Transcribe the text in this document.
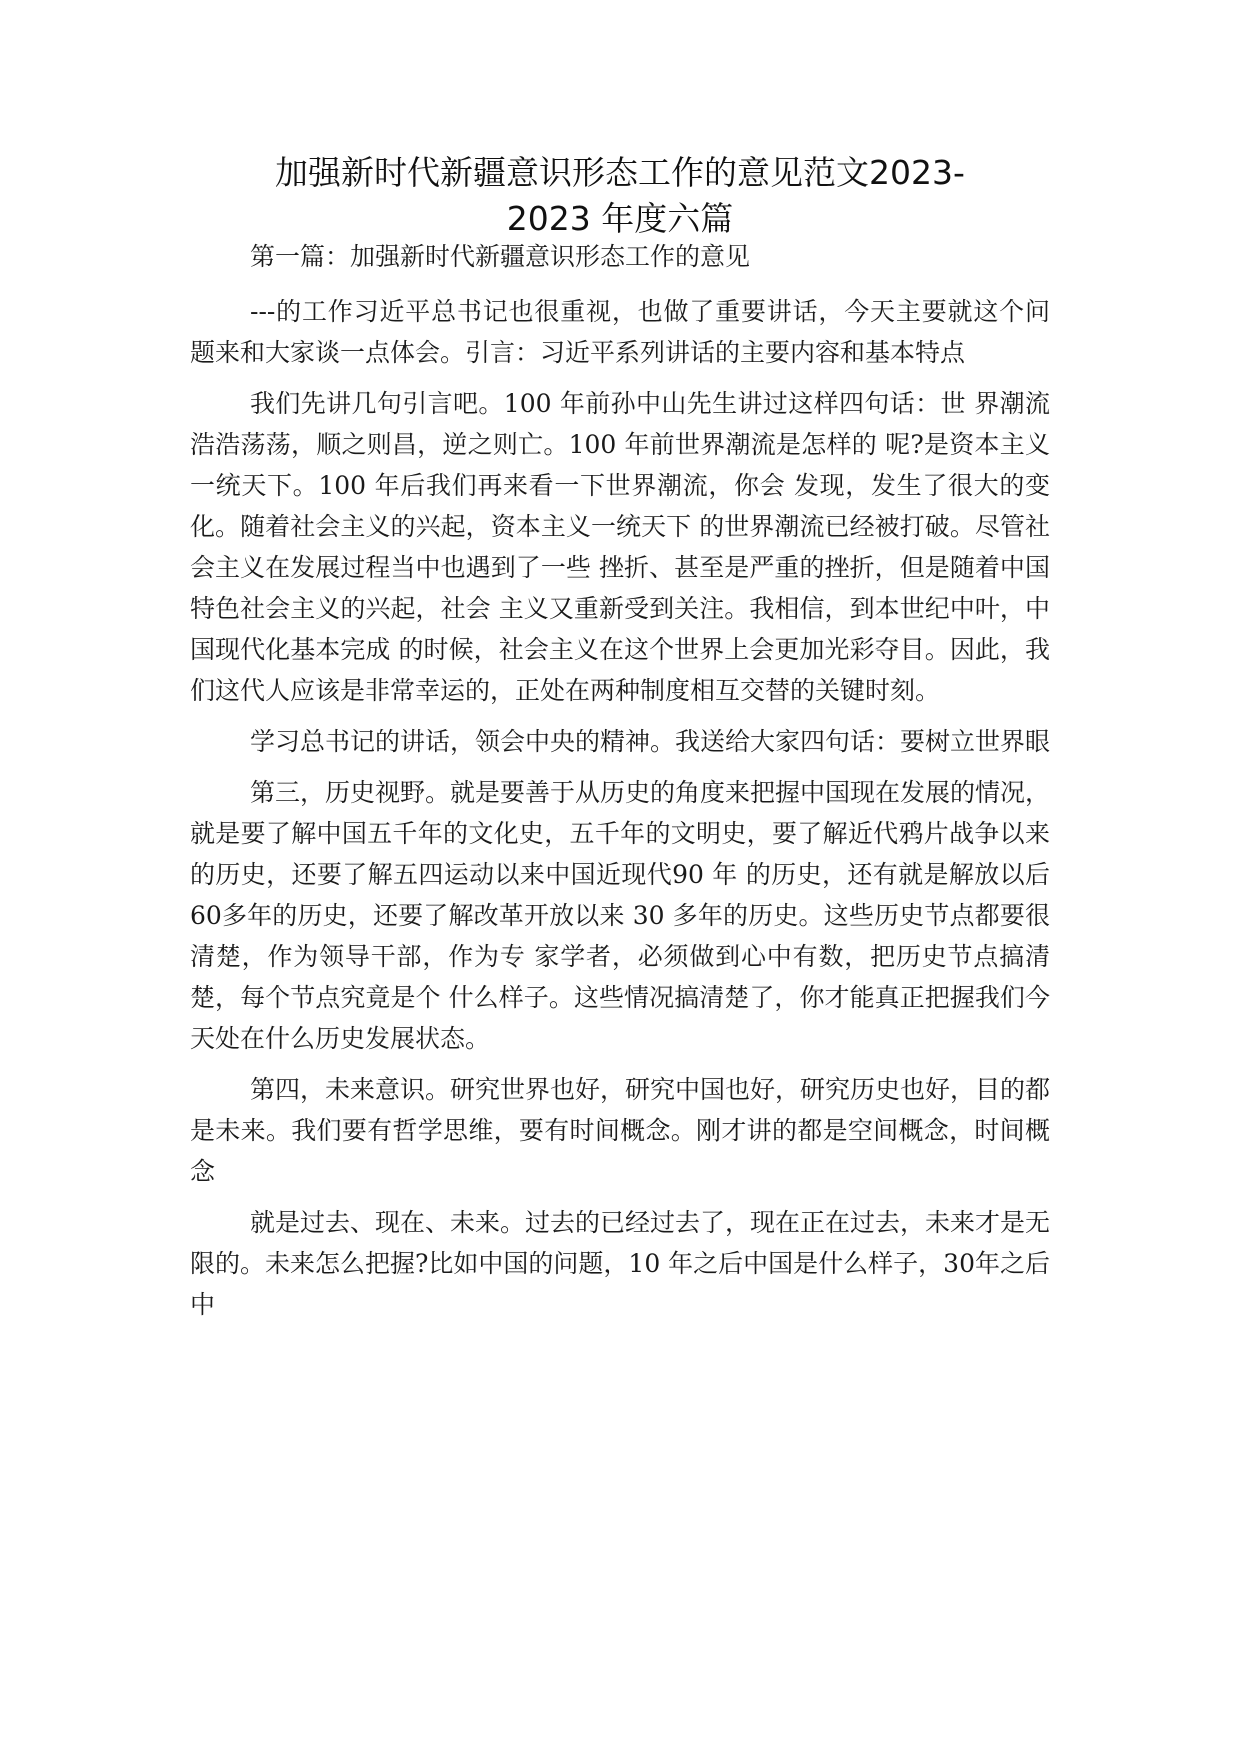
加强新时代新疆意识形态工作的意见范文2023-
2023 年度六篇

第一篇：加强新时代新疆意识形态工作的意见

---的工作习近平总书记也很重视，也做了重要讲话，今天主要就这个问题来和大家谈一点体会。引言：习近平系列讲话的主要内容和基本特点

我们先讲几句引言吧。100 年前孙中山先生讲过这样四句话：世 界潮流浩浩荡荡，顺之则昌，逆之则亡。100 年前世界潮流是怎样的 呢?是资本主义一统天下。100 年后我们再来看一下世界潮流，你会 发现，发生了很大的变化。随着社会主义的兴起，资本主义一统天下 的世界潮流已经被打破。尽管社会主义在发展过程当中也遇到了一些 挫折、甚至是严重的挫折，但是随着中国特色社会主义的兴起，社会 主义又重新受到关注。我相信，到本世纪中叶，中国现代化基本完成 的时候，社会主义在这个世界上会更加光彩夺目。因此，我们这代人应该是非常幸运的，正处在两种制度相互交替的关键时刻。

学习总书记的讲话，领会中央的精神。我送给大家四句话：要树立世界眼

第三，历史视野。就是要善于从历史的角度来把握中国现在发展的情况，就是要了解中国五千年的文化史，五千年的文明史，要了解近代鸦片战争以来的历史，还要了解五四运动以来中国近现代90 年 的历史，还有就是解放以后60多年的历史，还要了解改革开放以来 30 多年的历史。这些历史节点都要很清楚，作为领导干部，作为专 家学者，必须做到心中有数，把历史节点搞清楚，每个节点究竟是个 什么样子。这些情况搞清楚了，你才能真正把握我们今天处在什么历史发展状态。

第四，未来意识。研究世界也好，研究中国也好，研究历史也好，目的都是未来。我们要有哲学思维，要有时间概念。刚才讲的都是空间概念，时间概念

就是过去、现在、未来。过去的已经过去了，现在正在过去，未来才是无限的。未来怎么把握?比如中国的问题，10 年之后中国是什么样子，30年之后中
